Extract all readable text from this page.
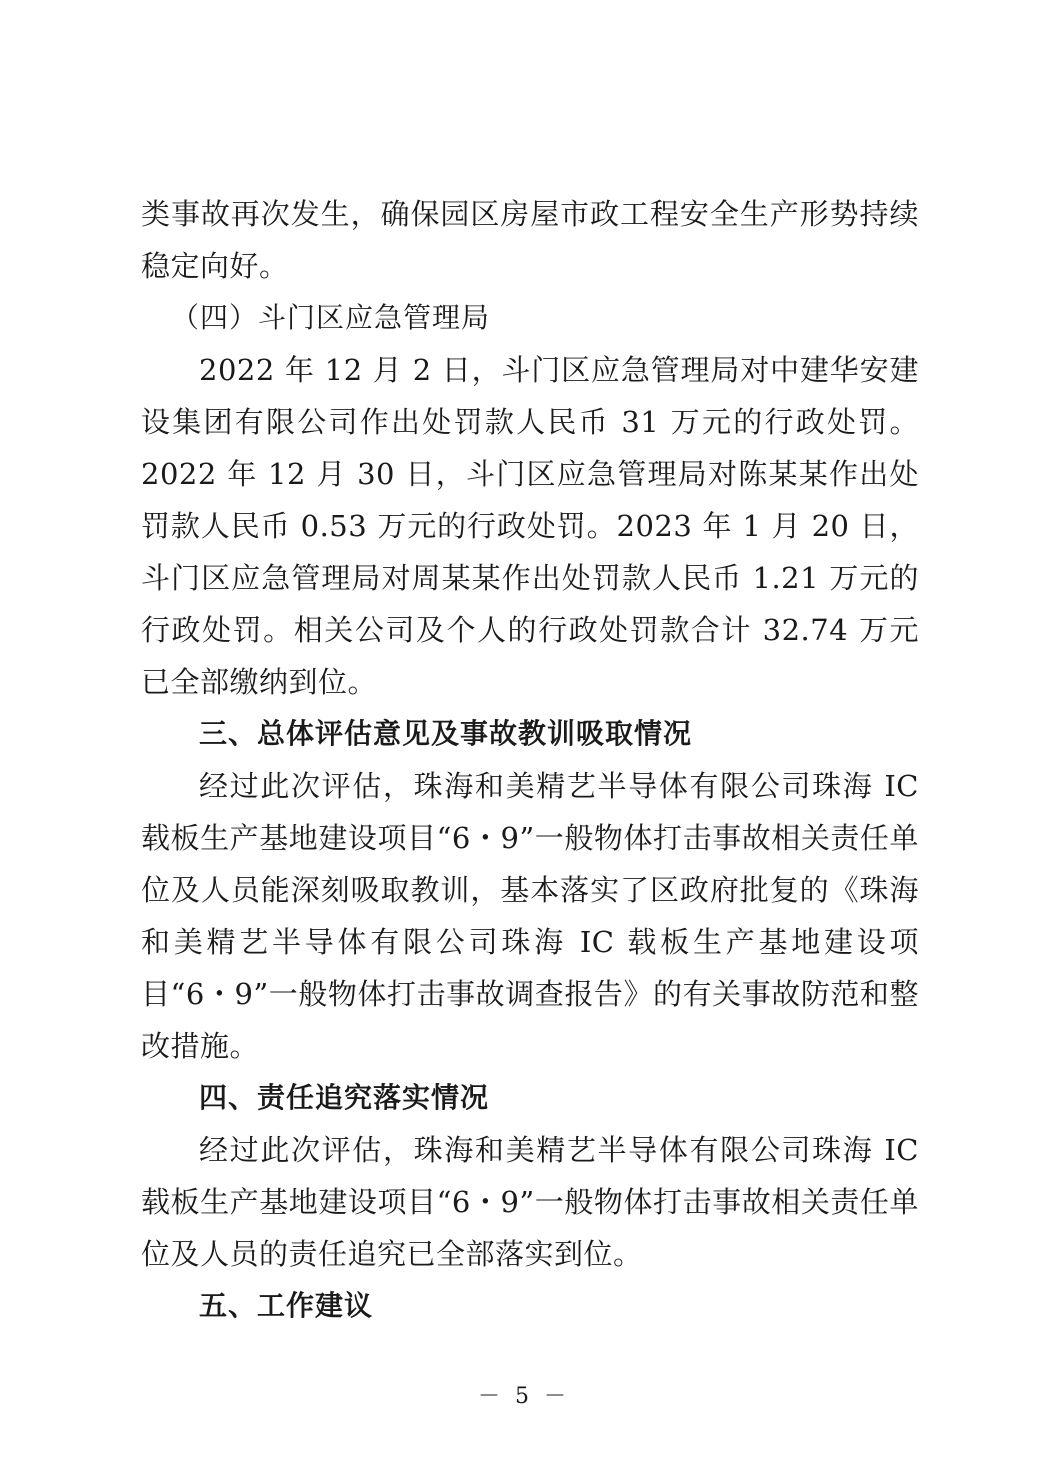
类事故再次发生，确保园区房屋市政工程安全生产形势持续稳定向好。

（四）斗门区应急管理局

2022 年 12 月 2 日，斗门区应急管理局对中建华安建设集团有限公司作出处罚款人民币 31 万元的行政处罚。2022 年 12 月 30 日，斗门区应急管理局对陈某某作出处罚款人民币 0.53 万元的行政处罚。2023 年 1 月 20 日，斗门区应急管理局对周某某作出处罚款人民币 1.21 万元的行政处罚。相关公司及个人的行政处罚款合计 32.74 万元已全部缴纳到位。

三、总体评估意见及事故教训吸取情况

经过此次评估，珠海和美精艺半导体有限公司珠海 IC 载板生产基地建设项目“6・9”一般物体打击事故相关责任单位及人员能深刻吸取教训，基本落实了区政府批复的《珠海和美精艺半导体有限公司珠海 IC 载板生产基地建设项目“6・9”一般物体打击事故调查报告》的有关事故防范和整改措施。

四、责任追究落实情况

经过此次评估，珠海和美精艺半导体有限公司珠海 IC 载板生产基地建设项目“6・9”一般物体打击事故相关责任单位及人员的责任追究已全部落实到位。

五、工作建议

－ 5 －
